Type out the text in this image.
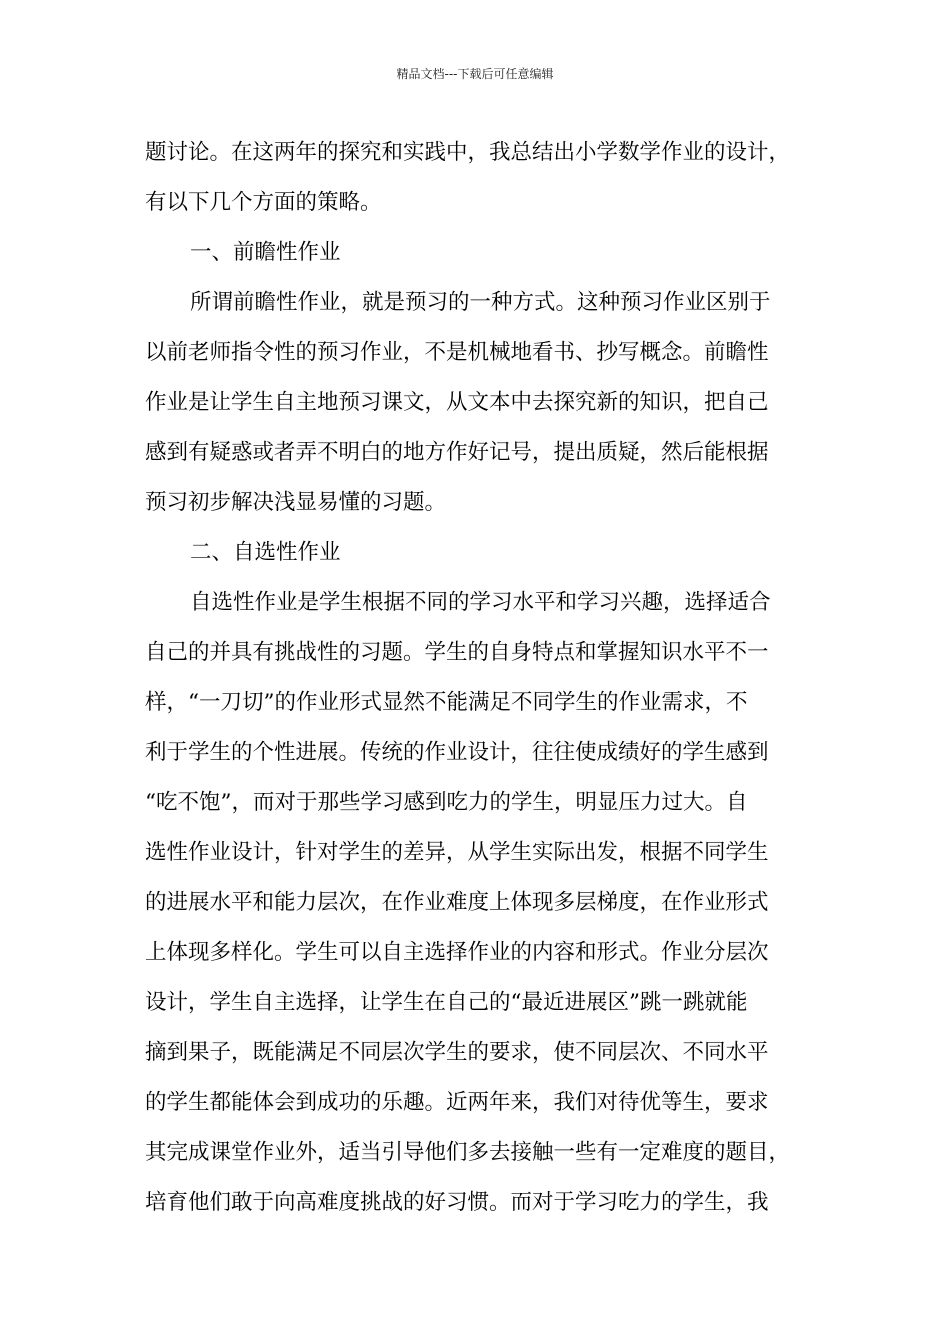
精品文档---下载后可任意编辑
题讨论。在这两年的探究和实践中，我总结出小学数学作业的设计，
有以下几个方面的策略。
一、前瞻性作业
所谓前瞻性作业，就是预习的一种方式。这种预习作业区别于
以前老师指令性的预习作业，不是机械地看书、抄写概念。前瞻性
作业是让学生自主地预习课文，从文本中去探究新的知识，把自己
感到有疑惑或者弄不明白的地方作好记号，提出质疑，然后能根据
预习初步解决浅显易懂的习题。
二、自选性作业
自选性作业是学生根据不同的学习水平和学习兴趣，选择适合
自己的并具有挑战性的习题。学生的自身特点和掌握知识水平不一
样，“一刀切”的作业形式显然不能满足不同学生的作业需求，不
利于学生的个性进展。传统的作业设计，往往使成绩好的学生感到
“吃不饱”，而对于那些学习感到吃力的学生，明显压力过大。自
选性作业设计，针对学生的差异，从学生实际出发，根据不同学生
的进展水平和能力层次，在作业难度上体现多层梯度，在作业形式
上体现多样化。学生可以自主选择作业的内容和形式。作业分层次
设计，学生自主选择，让学生在自己的“最近进展区”跳一跳就能
摘到果子，既能满足不同层次学生的要求，使不同层次、不同水平
的学生都能体会到成功的乐趣。近两年来，我们对待优等生，要求
其完成课堂作业外，适当引导他们多去接触一些有一定难度的题目，
培育他们敢于向高难度挑战的好习惯。而对于学习吃力的学生，我
